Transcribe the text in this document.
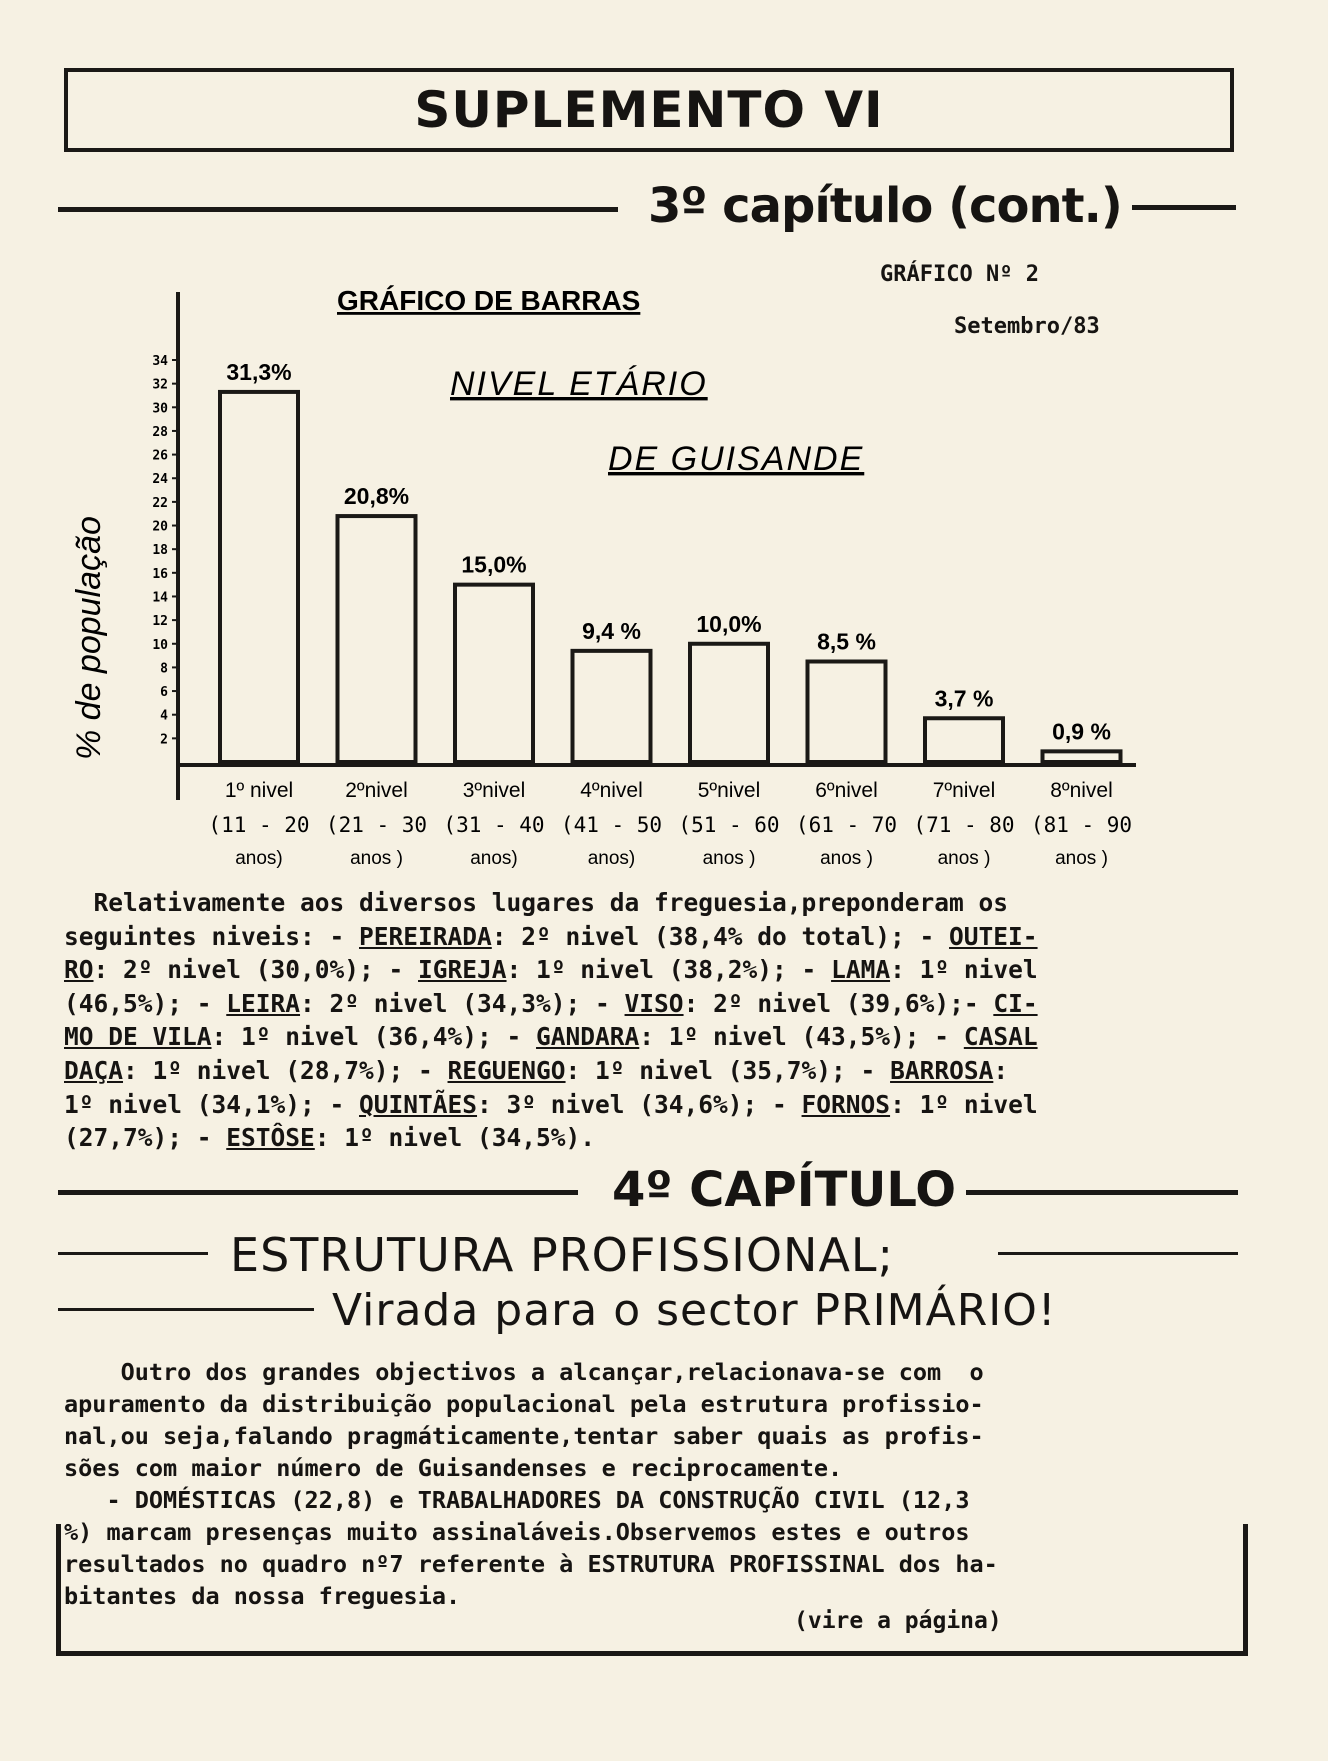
SUPLEMENTO VI
3º capítulo (cont.)
GRÁFICO Nº 2
Setembro/83
GRÁFICO DE BARRAS
NIVEL ETÁRIO
DE GUISANDE
% de população	2
4
6
8
10
12
14
16
18
20
22
24
26
28
30
32
34	31,3%
20,8%
15,0%
9,4 % 10,0%
8,5 %
3,7 %
0,9 %
1º nivel
(11 - 20
anos)
2ºnivel
(21 - 30
anos )
3ºnivel
(31 - 40
anos)
4ºnivel
(41 - 50
anos)
5ºnivel
(51 - 60
anos )
6ºnivel
(61 - 70
anos )
7ºnivel
(71 - 80
anos )
8ºnivel
(81 - 90
anos )
Relativamente aos diversos lugares da freguesia,preponderam os
seguintes niveis: - PEREIRADA: 2º nivel (38,4% do total); - OUTEI-
RO: 2º nivel (30,0%); - IGREJA: 1º nivel (38,2%); - LAMA: 1º nivel
(46,5%); - LEIRA: 2º nivel (34,3%); - VISO: 2º nivel (39,6%);- CI-
MO DE VILA: 1º nivel (36,4%); - GANDARA: 1º nivel (43,5%); - CASAL
DAÇA: 1º nivel (28,7%); - REGUENGO: 1º nivel (35,7%); - BARROSA:
1º nivel (34,1%); - QUINTÃES: 3º nivel (34,6%); - FORNOS: 1º nivel
(27,7%); - ESTÔSE: 1º nivel (34,5%).
4º CAPÍTULO
ESTRUTURA PROFISSIONAL;
Virada para o sector PRIMÁRIO!
Outro dos grandes objectivos a alcançar,relacionava-se com  o
apuramento da distribuição populacional pela estrutura profissio-
nal,ou seja,falando pragmáticamente,tentar saber quais as profis-
sões com maior número de Guisandenses e reciprocamente.
- DOMÉSTICAS (22,8) e TRABALHADORES DA CONSTRUÇÃO CIVIL (12,3
%) marcam presenças muito assinaláveis.Observemos estes e outros
resultados no quadro nº7 referente à ESTRUTURA PROFISSINAL dos ha-
bitantes da nossa freguesia.
(vire a página)
